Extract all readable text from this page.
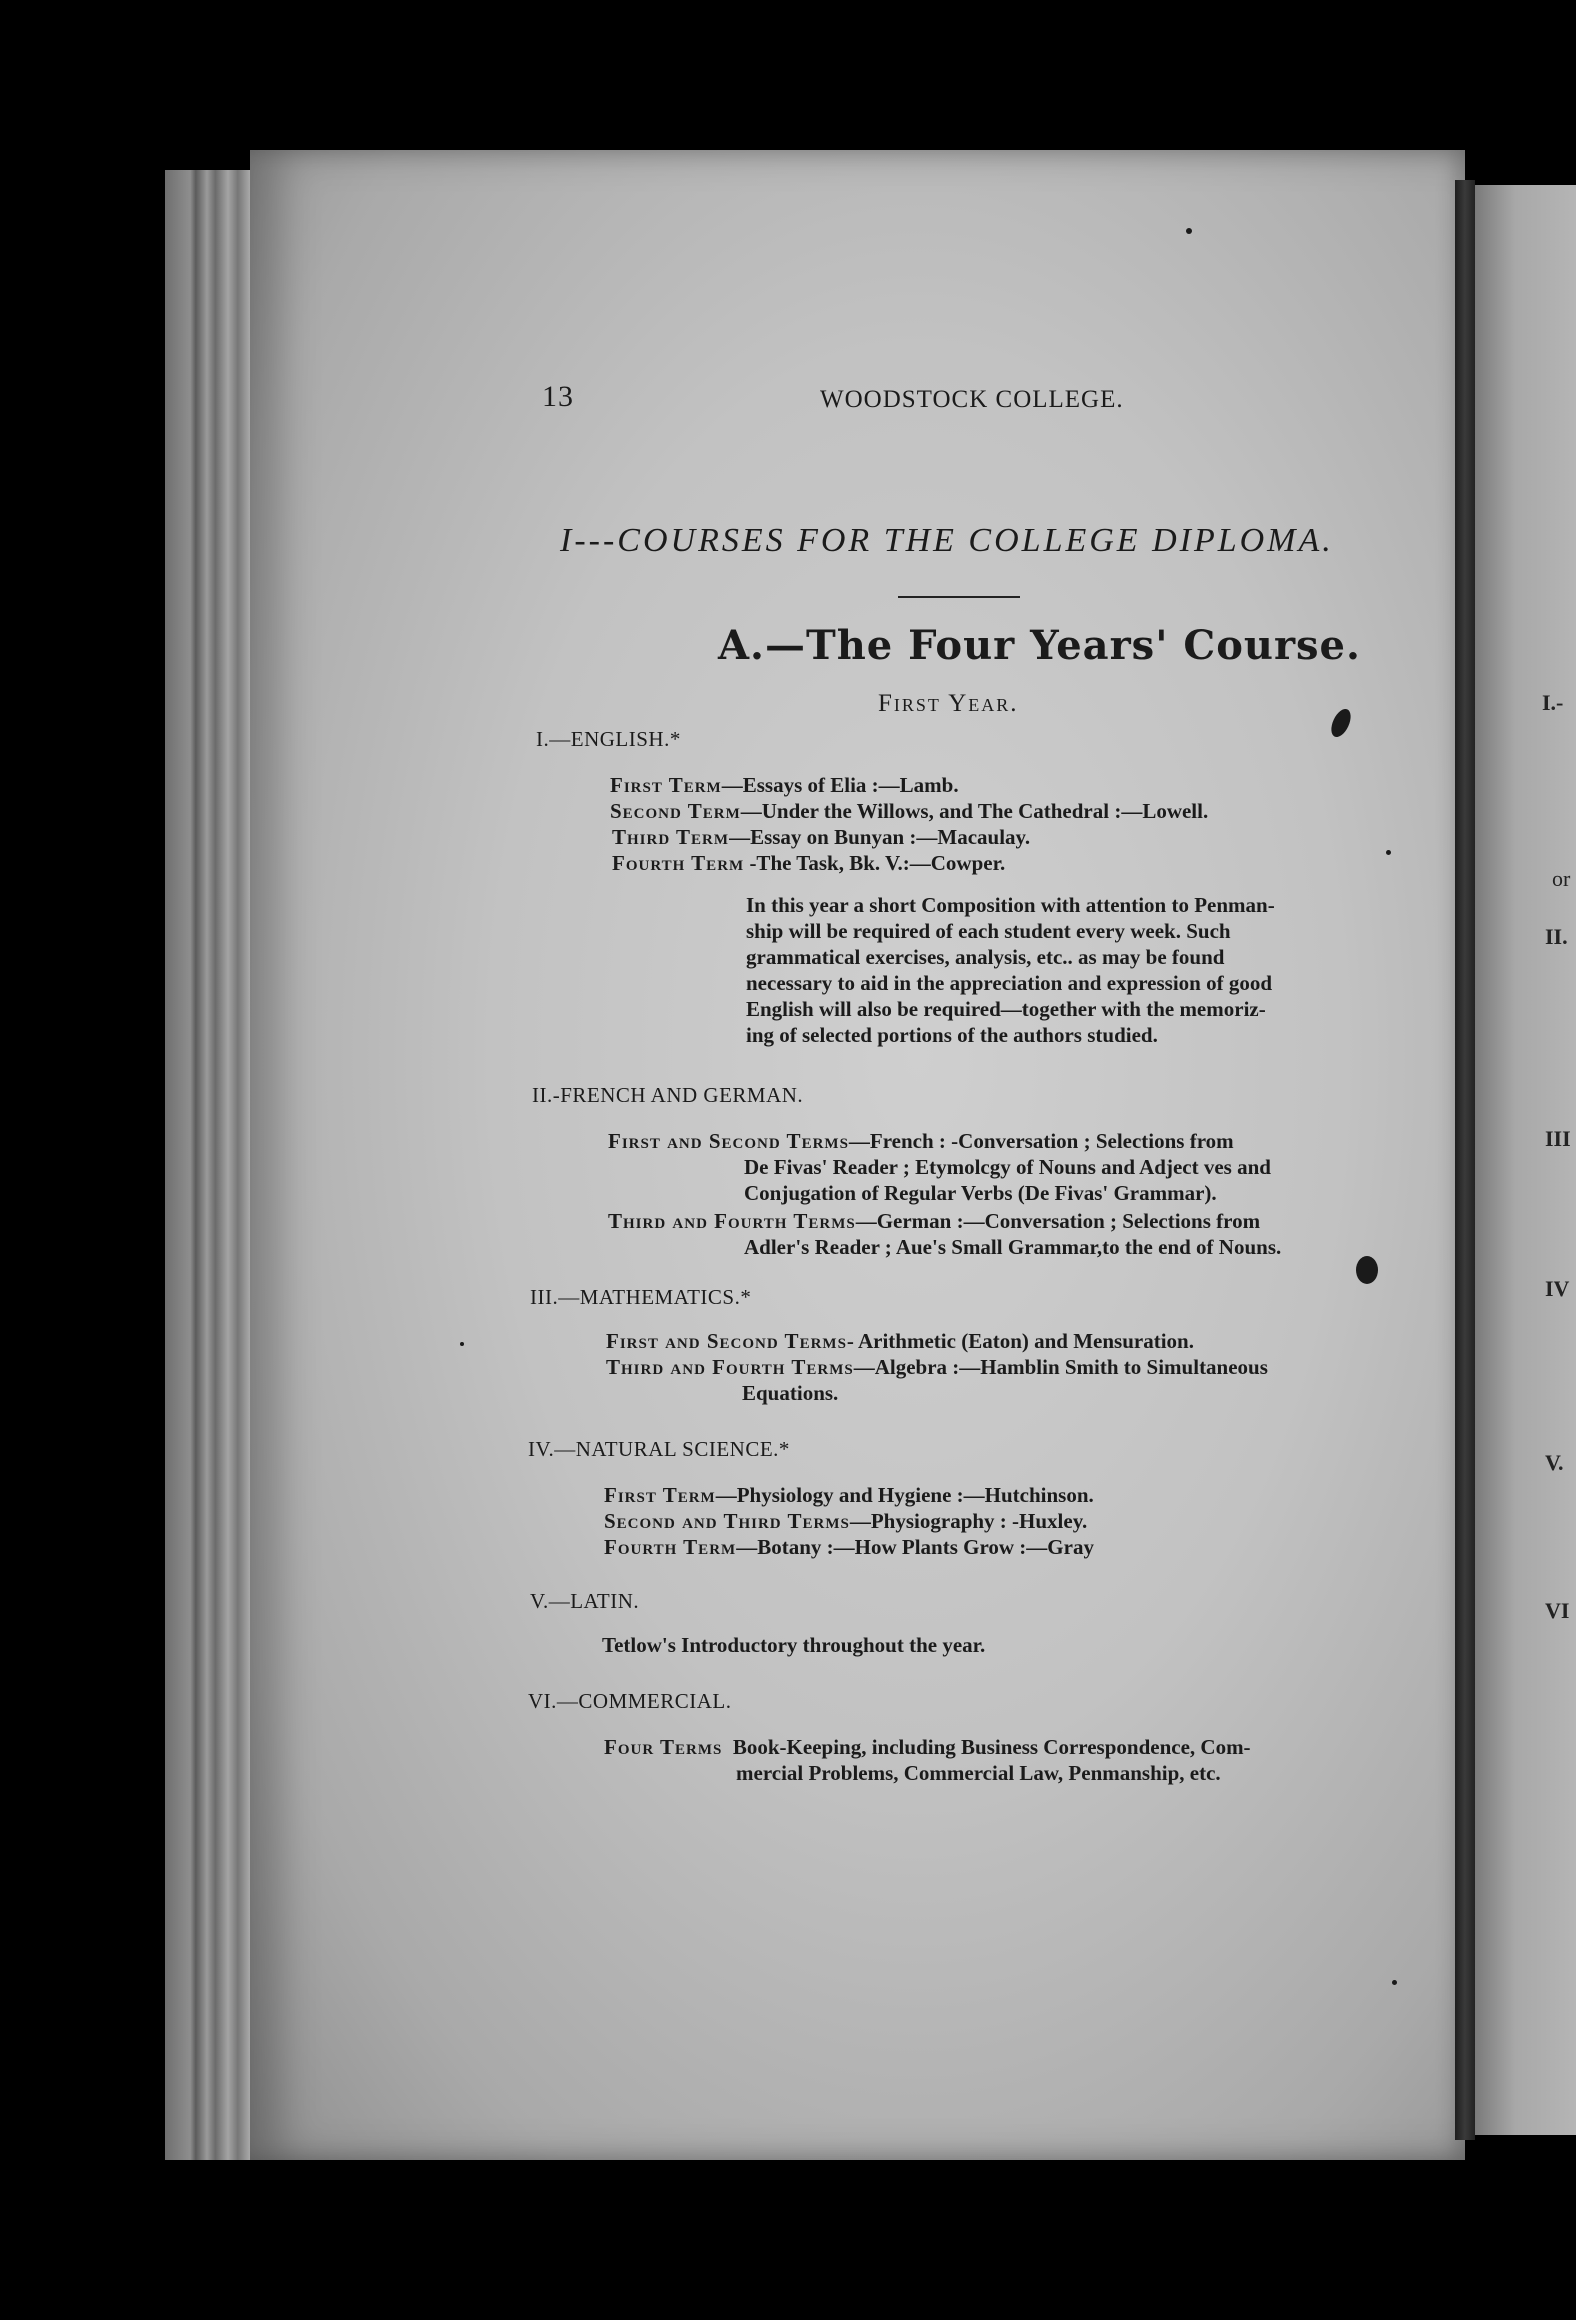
I.-
or
II.
III
IV
V.
VI
13	WOODSTOCK COLLEGE.
I---COURSES FOR THE COLLEGE DIPLOMA.
A.—The Four Years' Course.
First Year.
I.—ENGLISH.*
First Term—Essays of Elia :—Lamb.
Second Term—Under the Willows, and The Cathedral :—Lowell.
Third Term—Essay on Bunyan :—Macaulay.
Fourth Term -The Task, Bk. V.:—Cowper.
In this year a short Composition with attention to Penman-
ship will be required of each student every week. Such
grammatical exercises, analysis, etc.. as may be found
necessary to aid in the appreciation and expression of good
English will also be required—together with the memoriz-
ing of selected portions of the authors studied.
II.-FRENCH AND GERMAN.
First and Second Terms—French : -Conversation ; Selections from
De Fivas' Reader ; Etymolcgy of Nouns and Adject ves and
Conjugation of Regular Verbs (De Fivas' Grammar).
Third and Fourth Terms—German :—Conversation ; Selections from
Adler's Reader ; Aue's Small Grammar,to the end of Nouns.
III.—MATHEMATICS.*
First and Second Terms- Arithmetic (Eaton) and Mensuration.
Third and Fourth Terms—Algebra :—Hamblin Smith to Simultaneous
Equations.
IV.—NATURAL SCIENCE.*
First Term—Physiology and Hygiene :—Hutchinson.
Second and Third Terms—Physiography : -Huxley.
Fourth Term—Botany :—How Plants Grow :—Gray
V.—LATIN.
Tetlow's Introductory throughout the year.
VI.—COMMERCIAL.
Four Terms Book-Keeping, including Business Correspondence, Com-
mercial Problems, Commercial Law, Penmanship, etc.
